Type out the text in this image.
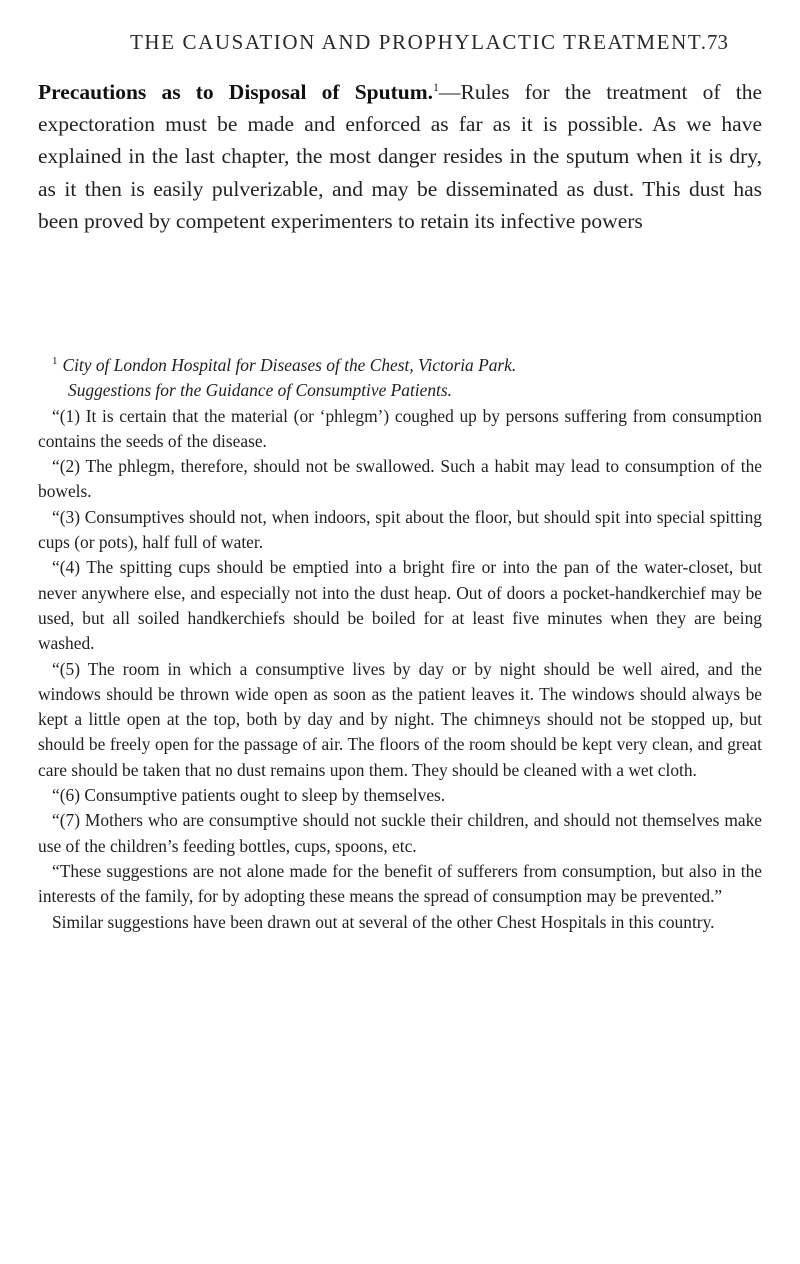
THE CAUSATION AND PROPHYLACTIC TREATMENT. 73

Precautions as to Disposal of Sputum.$^1$—Rules for the treatment of the expectoration must be made and enforced as far as it is possible. As we have explained in the last chapter, the most danger resides in the sputum when it is dry, as it then is easily pulverizable, and may be disseminated as dust. This dust has been proved by competent experimenters to retain its infective powers

$^1$ City of London Hospital for Diseases of the Chest, Victoria Park.

Suggestions for the Guidance of Consumptive Patients.

“(1) It is certain that the material (or ‘phlegm’) coughed up by persons suffering from consumption contains the seeds of the disease.

“(2) The phlegm, therefore, should not be swallowed. Such a habit may lead to consumption of the bowels.

“(3) Consumptives should not, when indoors, spit about the floor, but should spit into special spitting cups (or pots), half full of water.

“(4) The spitting cups should be emptied into a bright fire or into the pan of the water-closet, but never anywhere else, and especially not into the dust heap. Out of doors a pocket-handkerchief may be used, but all soiled handkerchiefs should be boiled for at least five minutes when they are being washed.

“(5) The room in which a consumptive lives by day or by night should be well aired, and the windows should be thrown wide open as soon as the patient leaves it. The windows should always be kept a little open at the top, both by day and by night. The chimneys should not be stopped up, but should be freely open for the passage of air. The floors of the room should be kept very clean, and great care should be taken that no dust remains upon them. They should be cleaned with a wet cloth.

“(6) Consumptive patients ought to sleep by themselves.

“(7) Mothers who are consumptive should not suckle their children, and should not themselves make use of the children’s feeding bottles, cups, spoons, etc.

“These suggestions are not alone made for the benefit of sufferers from consumption, but also in the interests of the family, for by adopting these means the spread of consumption may be prevented.”

Similar suggestions have been drawn out at several of the other Chest Hospitals in this country.
